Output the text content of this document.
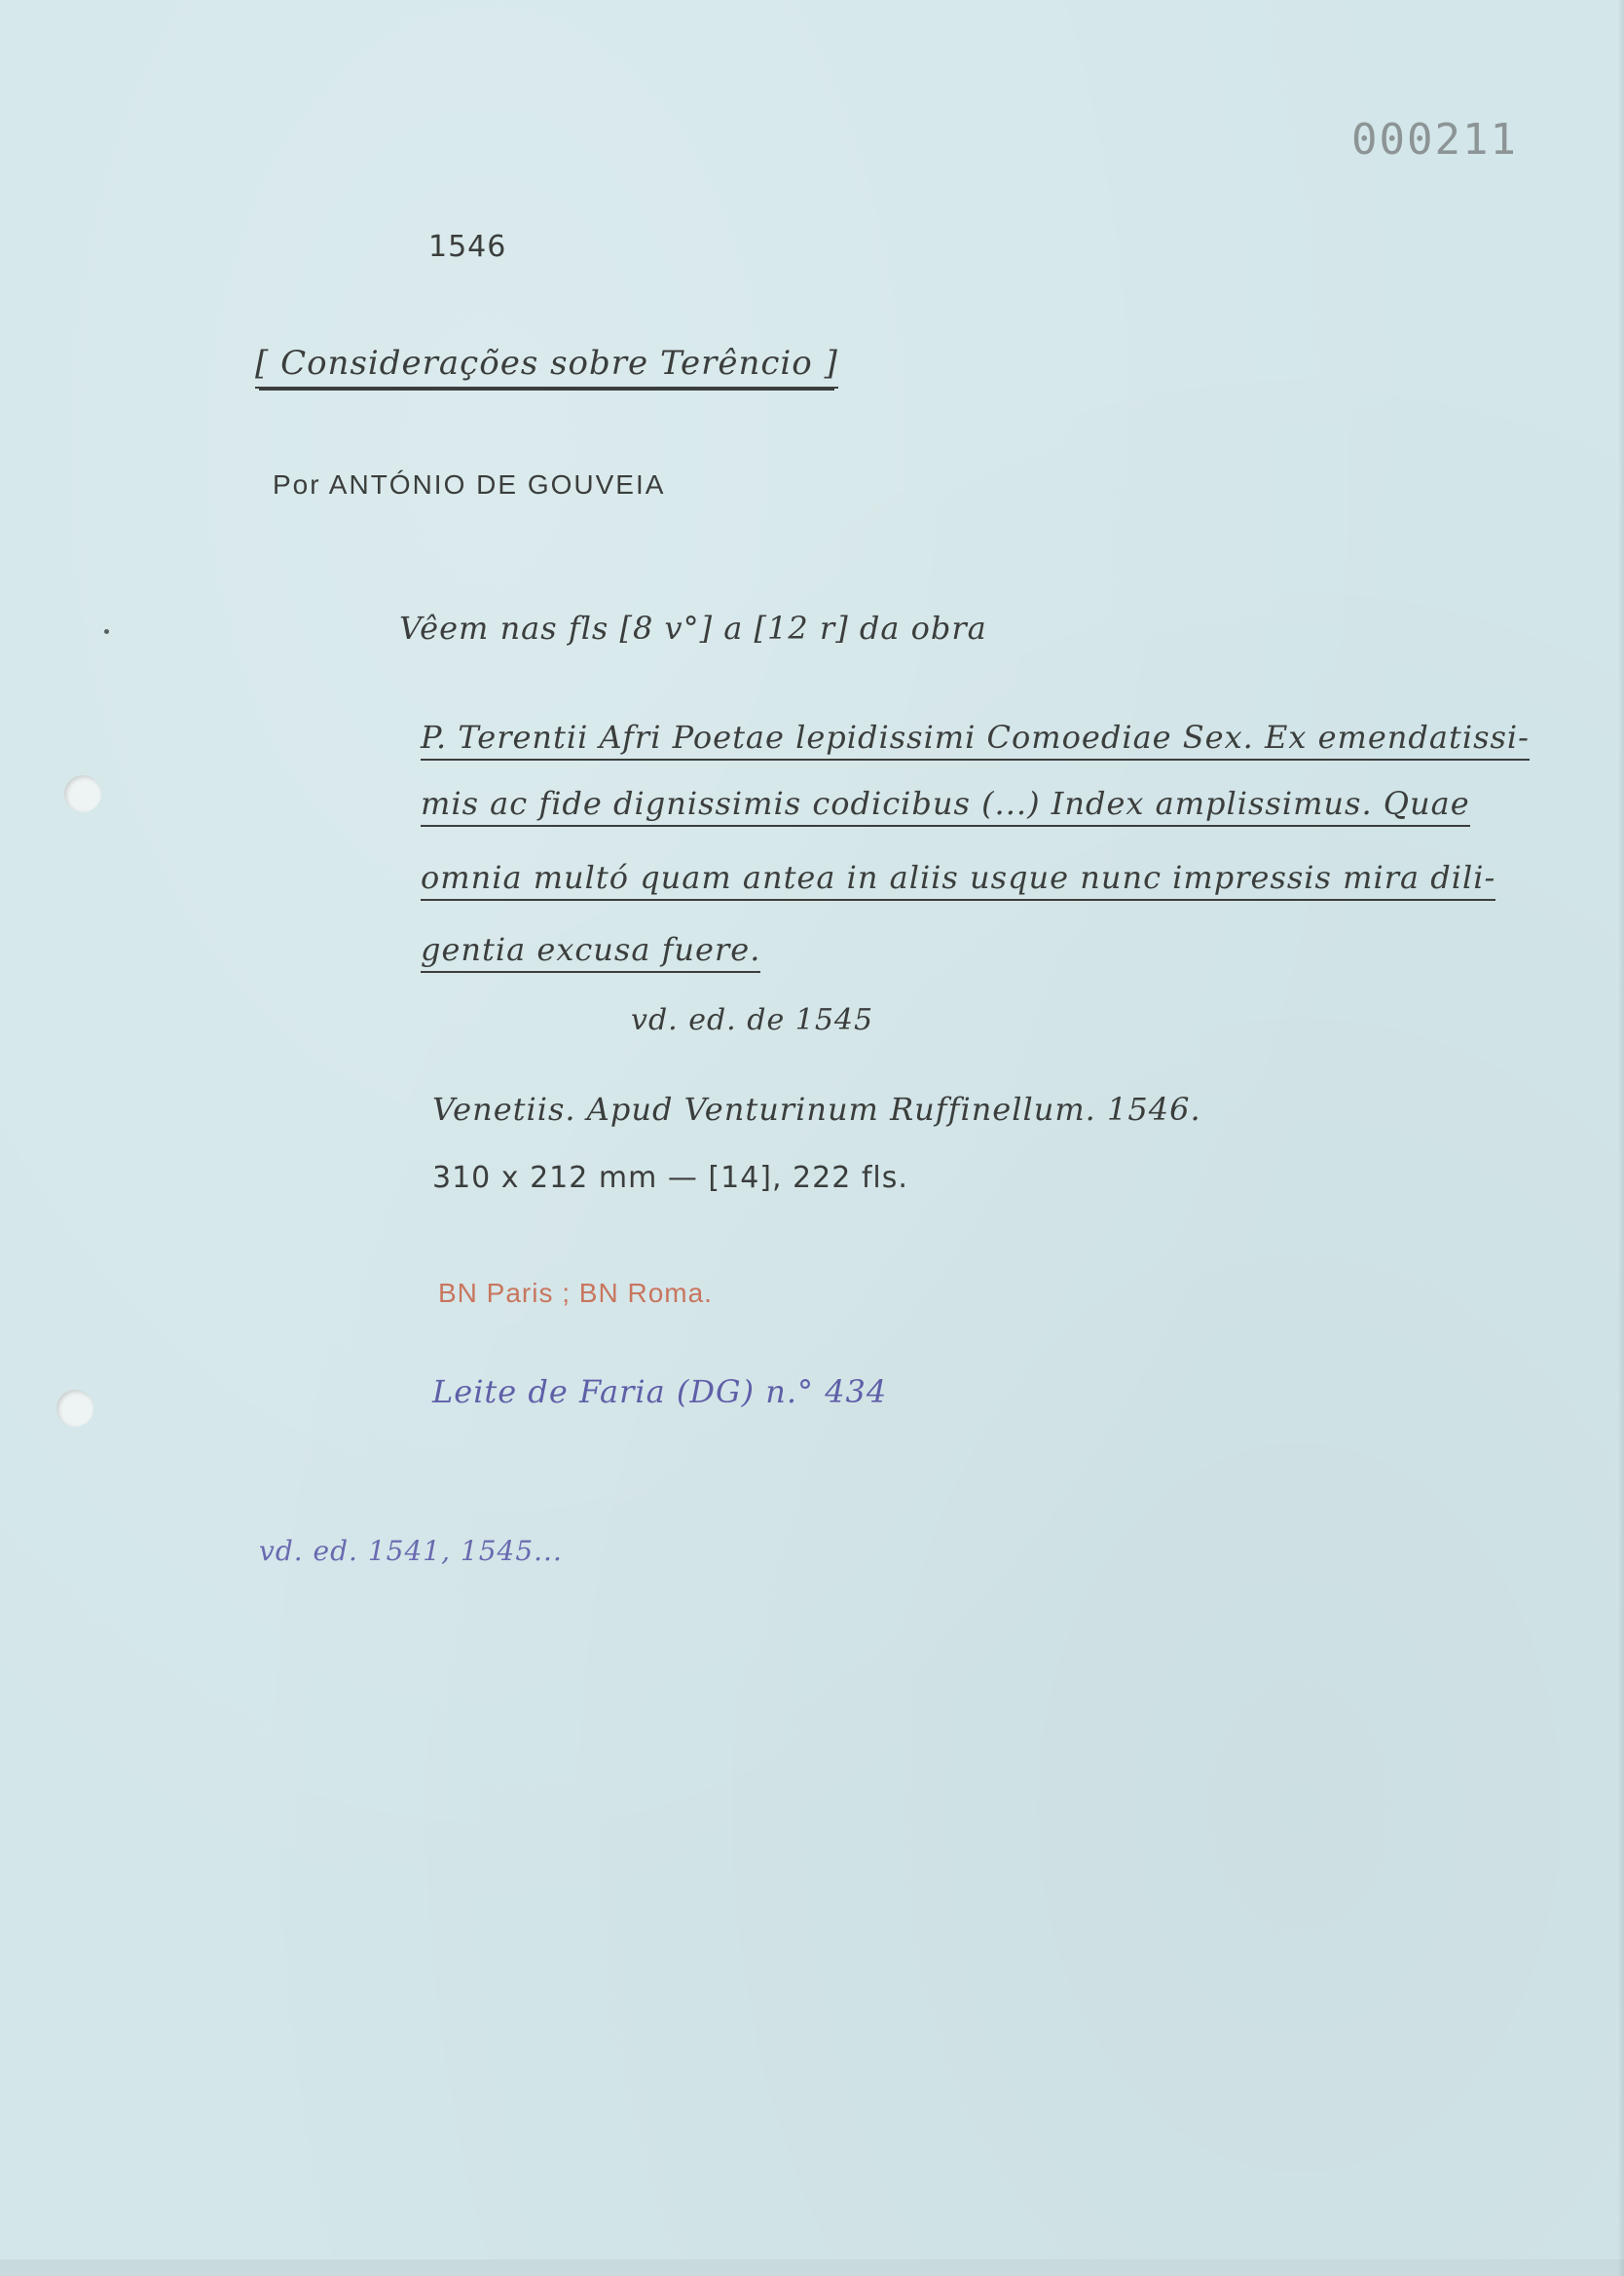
000211
1546
[ Considerações sobre Terêncio ]
Por ANTÓNIO DE GOUVEIA
Vêem nas fls [8 v°] a [12 r] da obra
P. Terentii Afri Poetae lepidissimi Comoediae Sex. Ex emendatissi-
mis ac fide dignissimis codicibus (...) Index amplissimus. Quae
omnia multó quam antea in aliis usque nunc impressis mira dili-
gentia excusa fuere.
vd. ed. de 1545
Venetiis. Apud Venturinum Ruffinellum. 1546.
310 x 212 mm — [14], 222 fls.
BN Paris ; BN Roma.
Leite de Faria (DG) n.° 434
vd. ed. 1541, 1545...
